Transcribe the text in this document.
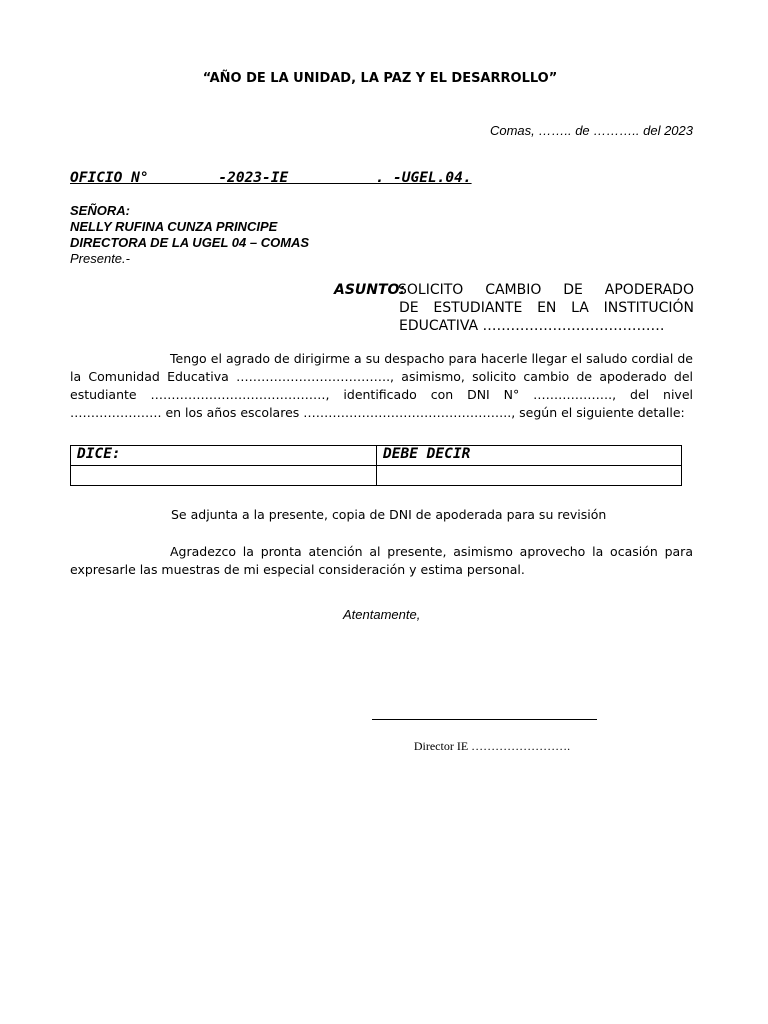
“AÑO DE LA UNIDAD, LA PAZ Y EL DESARROLLO”
Comas, …….. de ……….. del 2023
OFICIO N°        -2023-IE          . -UGEL.04.
SEÑORA:
NELLY RUFINA CUNZA PRINCIPE
DIRECTORA DE LA UGEL 04 – COMAS
Presente.-
ASUNTO:
SOLICITO CAMBIO DE APODERADO
DE ESTUDIANTE EN LA INSTITUCIÓN
EDUCATIVA …………………………………
Tengo el agrado de dirigirme a su despacho para hacerle llegar el saludo cordial de la Comunidad Educativa ………………………………., asimismo, solicito cambio de apoderado del estudiante ……………………………………, identificado con DNI N° ………………., del nivel …………………. en los años escolares ………………………………………….., según el siguiente detalle:
DICE:	DEBE DECIR

Se adjunta a la presente, copia de DNI de apoderada para su revisión
Agradezco la pronta atención al presente, asimismo aprovecho la ocasión para expresarle las muestras de mi especial consideración y estima personal.
Atentamente,
Director IE …………………….
